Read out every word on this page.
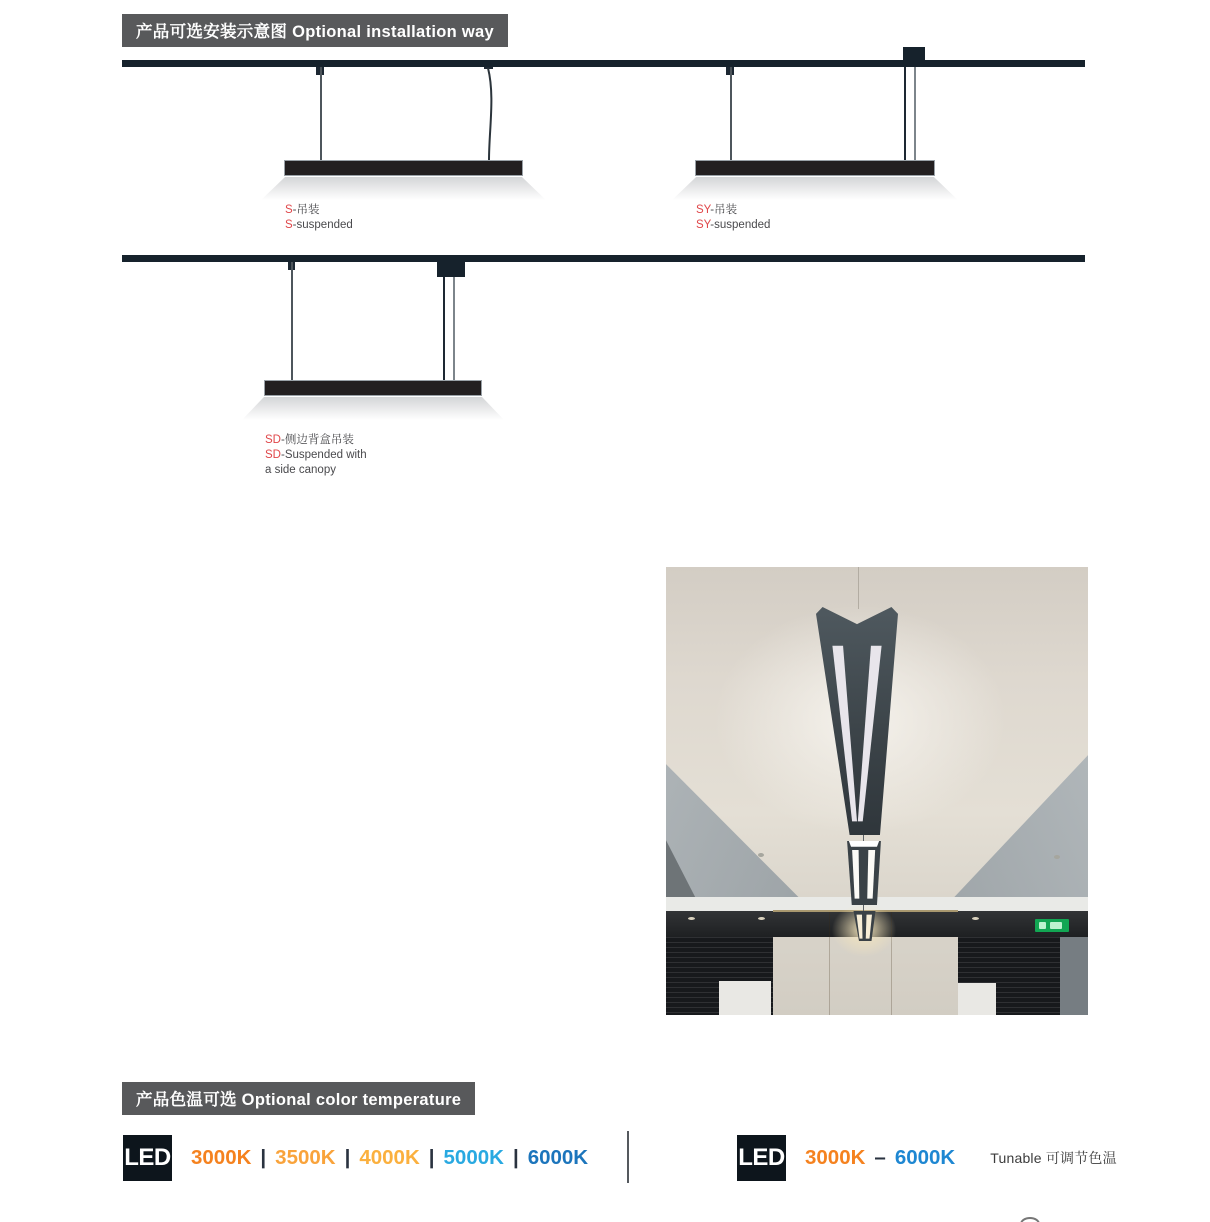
产品可选安装示意图 Optional installation way
S-吊装
S-suspended
SY-吊装
SY-suspended
SD-侧边背盒吊装
SD-Suspended with
a side canopy
产品色温可选 Optional color temperature
LED 3000K | 3500K | 4000K | 5000K | 6000K	LED 3000K – 6000K	Tunable 可调节色温
